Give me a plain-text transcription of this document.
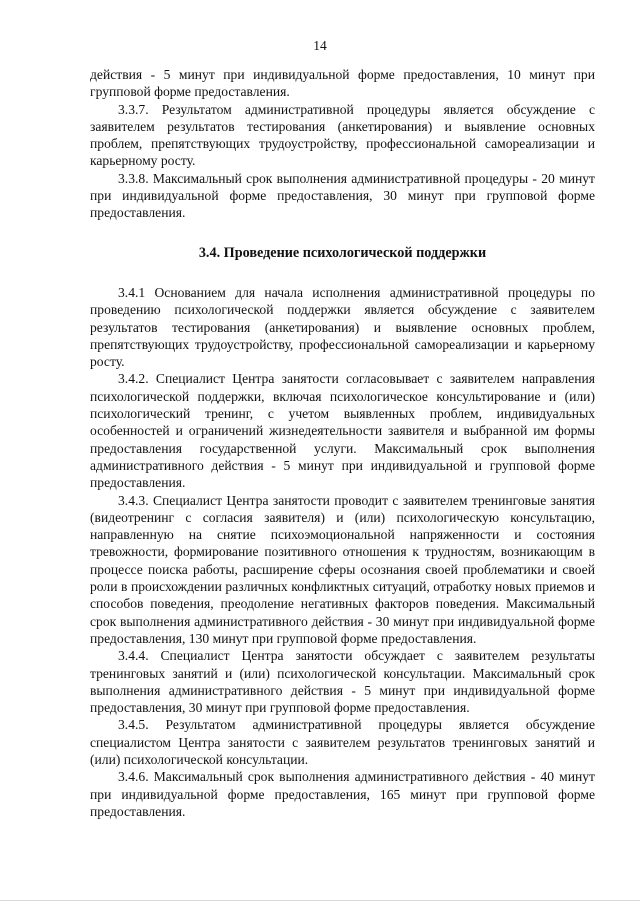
14

действия - 5 минут при индивидуальной форме предоставления, 10 минут при групповой форме предоставления.

3.3.7. Результатом административной процедуры является обсуждение с заявителем результатов тестирования (анкетирования) и выявление основных проблем, препятствующих трудоустройству, профессиональной самореализации и карьерному росту.

3.3.8. Максимальный срок выполнения административной процедуры - 20 минут при индивидуальной форме предоставления, 30 минут при групповой форме предоставления.

3.4. Проведение психологической поддержки

3.4.1 Основанием для начала исполнения административной процедуры по проведению психологической поддержки является обсуждение с заявителем результатов тестирования (анкетирования) и выявление основных проблем, препятствующих трудоустройству, профессиональной самореализации и карьерному росту.

3.4.2. Специалист Центра занятости согласовывает с заявителем направления психологической поддержки, включая психологическое консультирование и (или) психологический тренинг, с учетом выявленных проблем, индивидуальных особенностей и ограничений жизнедеятельности заявителя и выбранной им формы предоставления государственной услуги. Максимальный срок выполнения административного действия - 5 минут при индивидуальной и групповой форме предоставления.

3.4.3. Специалист Центра занятости проводит с заявителем тренинговые занятия (видеотренинг с согласия заявителя) и (или) психологическую консультацию, направленную на снятие психоэмоциональной напряженности и состояния тревожности, формирование позитивного отношения к трудностям, возникающим в процессе поиска работы, расширение сферы осознания своей проблематики и своей роли в происхождении различных конфликтных ситуаций, отработку новых приемов и способов поведения, преодоление негативных факторов поведения. Максимальный срок выполнения административного действия - 30 минут при индивидуальной форме предоставления, 130 минут при групповой форме предоставления.

3.4.4. Специалист Центра занятости обсуждает с заявителем результаты тренинговых занятий и (или) психологической консультации. Максимальный срок выполнения административного действия - 5 минут при индивидуальной форме предоставления, 30 минут при групповой форме предоставления.

3.4.5. Результатом административной процедуры является обсуждение специалистом Центра занятости с заявителем результатов тренинговых занятий и (или) психологической консультации.

3.4.6. Максимальный срок выполнения административного действия - 40 минут при индивидуальной форме предоставления, 165 минут при групповой форме предоставления.
